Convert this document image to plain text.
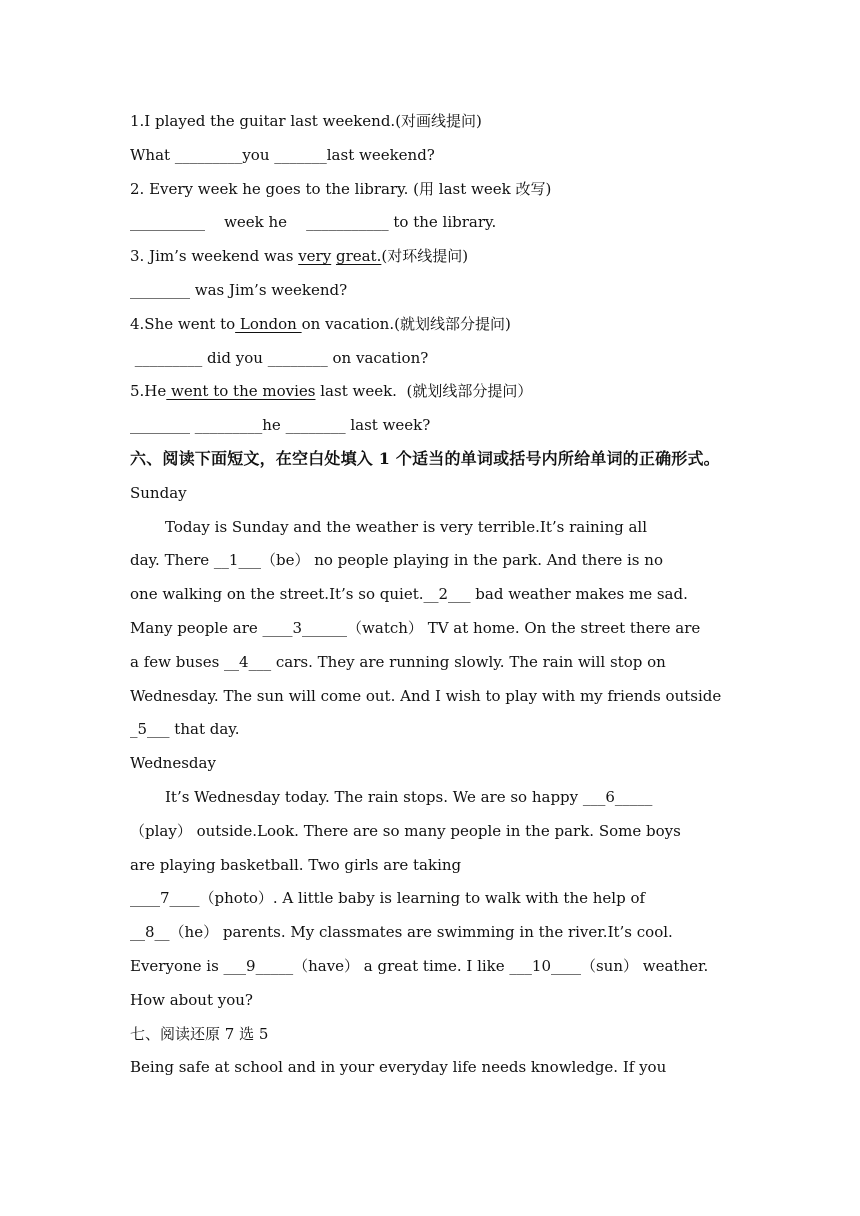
1.I played the guitar last weekend.(对画线提问)
What _________you _______last weekend?
2. Every week he goes to the library. (用 last week 改写)
__________    week he    ___________ to the library.
3. Jim’s weekend was very great.(对环线提问)
________ was Jim’s weekend?
4.She went to London on vacation.(就划线部分提问)
_________ did you ________ on vacation?
5.He went to the movies last week.  (就划线部分提问）
________ _________he ________ last week?
六、阅读下面短文，在空白处填入 1 个适当的单词或括号内所给单词的正确形式。
Sunday
Today is Sunday and the weather is very terrible.It’s raining all
day. There __1___（be） no people playing in the park. And there is no
one walking on the street.It’s so quiet.__2___ bad weather makes me sad.
Many people are ____3______（watch） TV at home. On the street there are
a few buses __4___ cars. They are running slowly. The rain will stop on
Wednesday. The sun will come out. And I wish to play with my friends outside
_5___ that day.
Wednesday
It’s Wednesday today. The rain stops. We are so happy ___6_____
（play） outside.Look. There are so many people in the park. Some boys
are playing basketball. Two girls are taking
____7____（photo）. A little baby is learning to walk with the help of
__8__（he） parents. My classmates are swimming in the river.It’s cool.
Everyone is ___9_____（have） a great time. I like ___10____（sun） weather.
How about you?
七、阅读还原 7 选 5
Being safe at school and in your everyday life needs knowledge. If you
